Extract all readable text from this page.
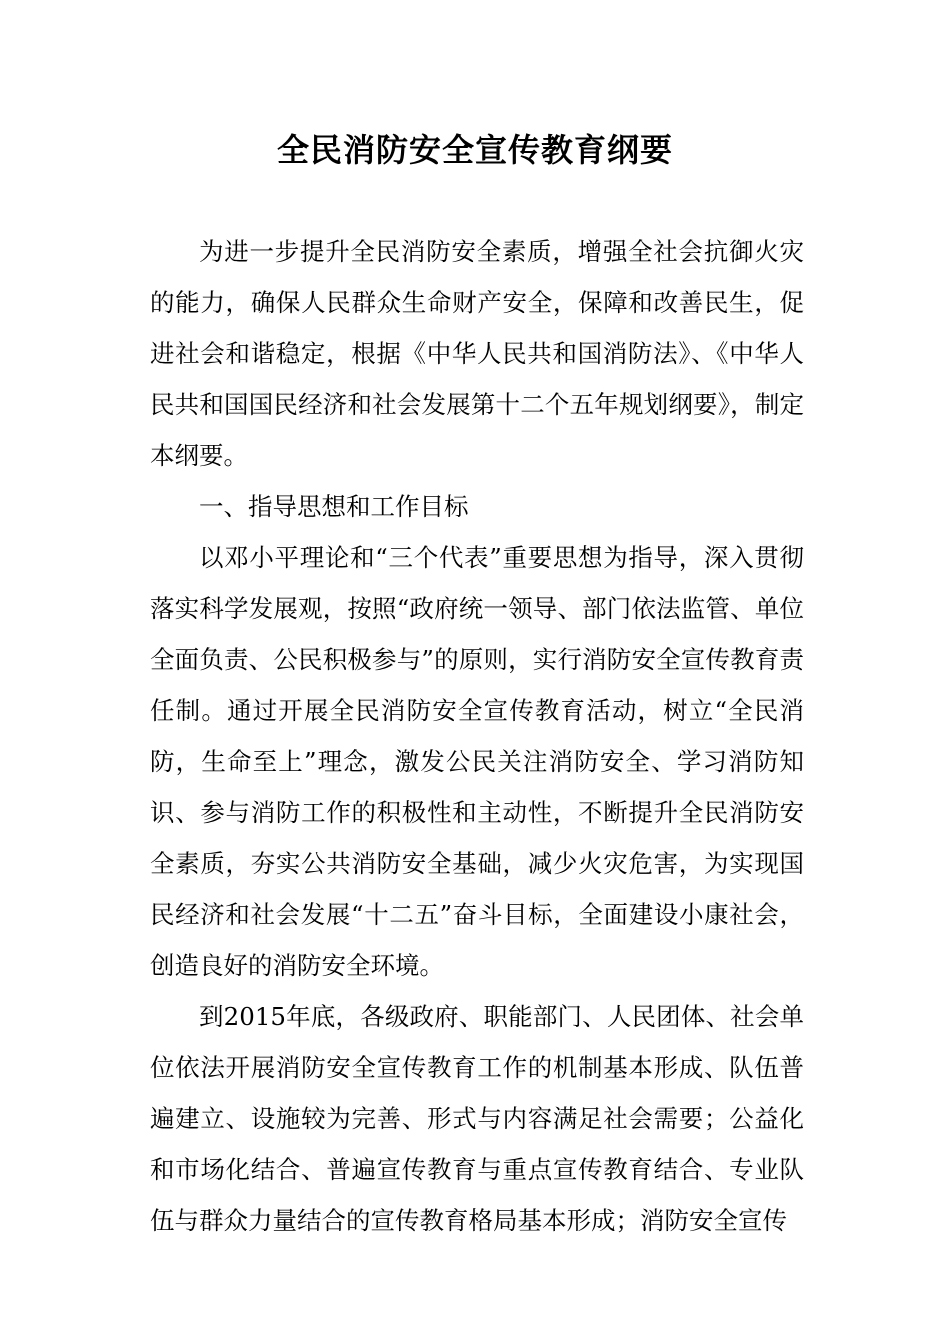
全民消防安全宣传教育纲要

为进一步提升全民消防安全素质，增强全社会抗御火灾的能力，确保人民群众生命财产安全，保障和改善民生，促进社会和谐稳定，根据《中华人民共和国消防法》、《中华人民共和国国民经济和社会发展第十二个五年规划纲要》，制定本纲要。

一、指导思想和工作目标

以邓小平理论和“三个代表”重要思想为指导，深入贯彻落实科学发展观，按照“政府统一领导、部门依法监管、单位全面负责、公民积极参与”的原则，实行消防安全宣传教育责任制。通过开展全民消防安全宣传教育活动，树立“全民消防，生命至上”理念，激发公民关注消防安全、学习消防知识、参与消防工作的积极性和主动性，不断提升全民消防安全素质，夯实公共消防安全基础，减少火灾危害，为实现国民经济和社会发展“十二五”奋斗目标，全面建设小康社会，创造良好的消防安全环境。

到2015年底，各级政府、职能部门、人民团体、社会单位依法开展消防安全宣传教育工作的机制基本形成、队伍普遍建立、设施较为完善、形式与内容满足社会需要；公益化和市场化结合、普遍宣传教育与重点宣传教育结合、专业队伍与群众力量结合的宣传教育格局基本形成；消防安全宣传
